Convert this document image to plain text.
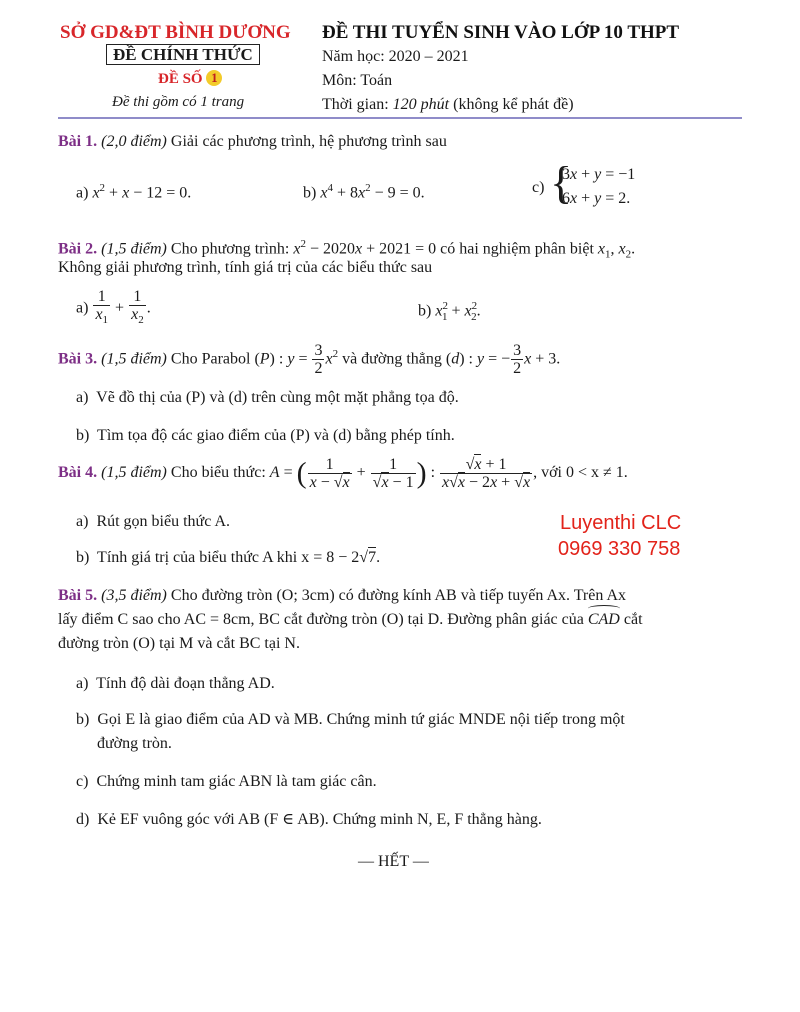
SỞ GD&ĐT BÌNH DƯƠNG
ĐỀ CHÍNH THỨC
ĐỀ SỐ 1
Đề thi gồm có 1 trang
ĐỀ THI TUYỂN SINH VÀO LỚP 10 THPT
Năm học: 2020 – 2021
Môn: Toán
Thời gian: 120 phút (không kể phát đề)
Bài 1. (2,0 điểm) Giải các phương trình, hệ phương trình sau
a) $x^2 + x - 12 = 0$.	b) $x^4 + 8x^2 - 9 = 0$.	c)
{ 3x + y = −1
6x + y = 2.
Bài 2. (1,5 điểm) Cho phương trình: $x^2 - 2020x + 2021 = 0$ có hai nghiệm phân biệt $x_1$, $x_2$.
Không giải phương trình, tính giá trị của các biểu thức sau
$a) \frac{1}{x_1} + \frac{1}{x_2}$ .	b) $x^2_1 + x^2_2$.
Bài 3. (1,5 điểm) Cho Parabol (P) : $y = \frac{3}{2} x^2$ và đường thẳng (d) : y = − $\frac{3}{2}$ x + 3.
a)  Vẽ đồ thị của (P) và (d) trên cùng một mặt phẳng tọa độ.
b)  Tìm tọa độ các giao điểm của (P) và (d) bằng phép tính.
Bài 4. (1,5 điểm) Cho biểu thức: A = ( $\frac{1}{x - √x} + \frac{1}{√x - 1}$ ) : $\frac{√x + 1}{x√x - 2x + √x}$ , với 0 < x ≠ 1.
a)  Rút gọn biểu thức A.
b)  Tính giá trị của biểu thức A khi x = 8 − 2√7.
Luyenthi CLC
0969 330 758
Bài 5. (3,5 điểm) Cho đường tròn (O; 3cm) có đường kính AB và tiếp tuyến Ax. Trên Ax
lấy điểm C sao cho AC = 8cm, BC cắt đường tròn (O) tại D. Đường phân giác của CAD cắt
đường tròn (O) tại M và cắt BC tại N.
a)  Tính độ dài đoạn thẳng AD.
b)  Gọi E là giao điểm của AD và MB. Chứng minh tứ giác MNDE nội tiếp trong một
đường tròn.
c)  Chứng minh tam giác ABN là tam giác cân.
d)  Kẻ EF vuông góc với AB (F ∈ AB). Chứng minh N, E, F thẳng hàng.
— HẾT —
